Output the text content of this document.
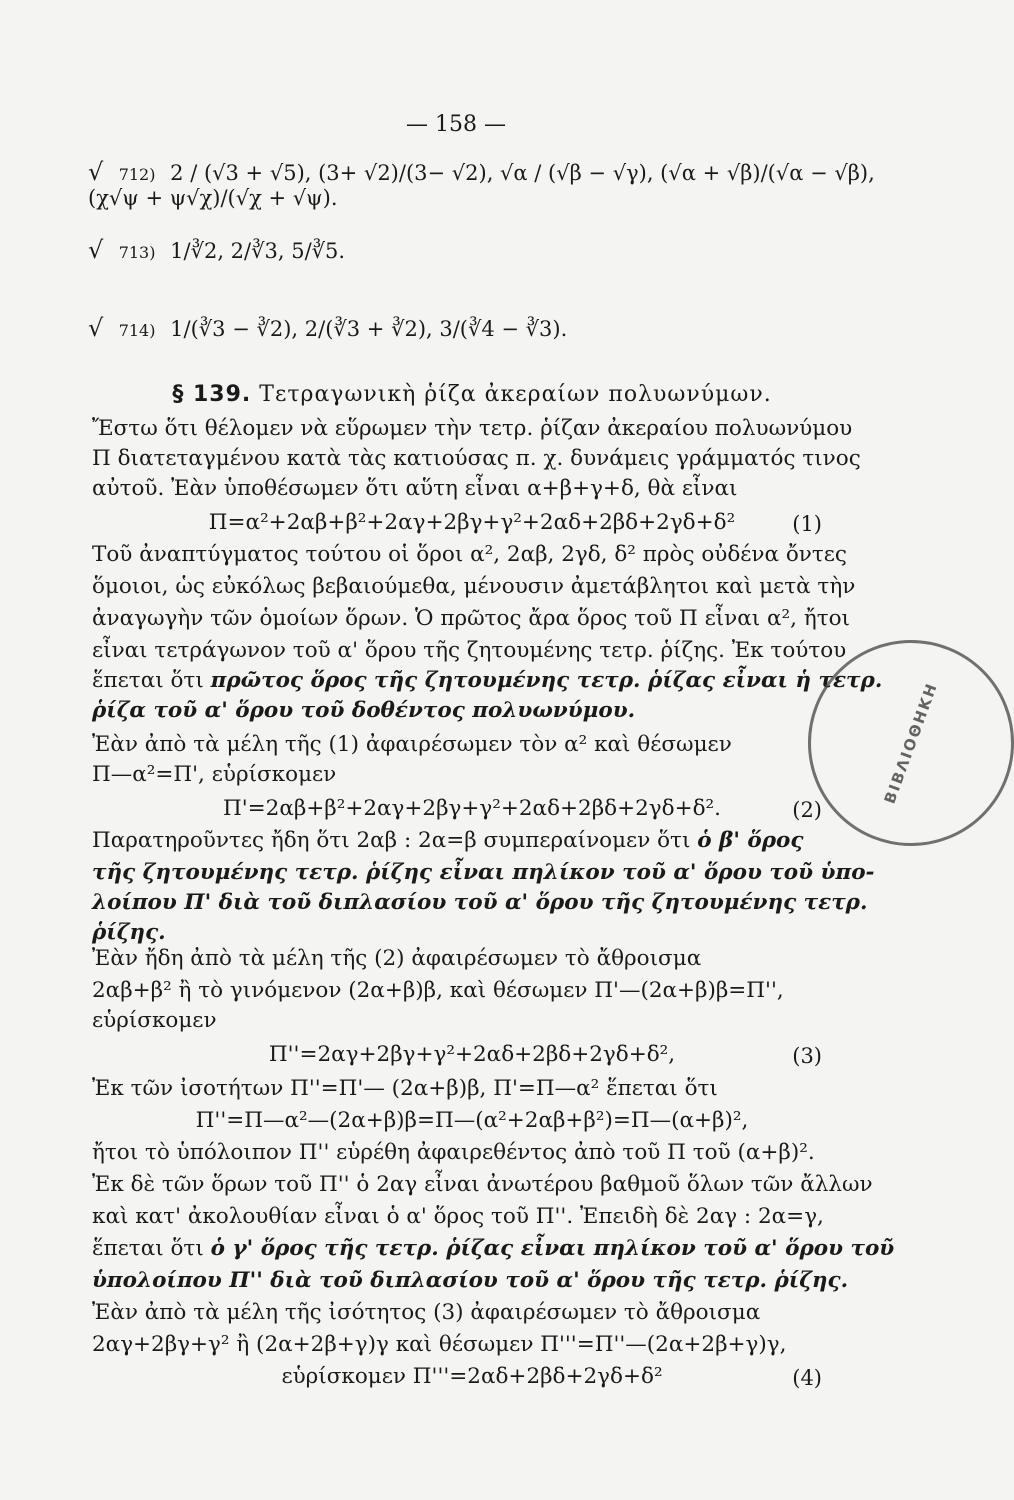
— 158 —
√ 712) 2 / (√3 + √5), (3+ √2)/(3− √2), √α / (√β − √γ), (√α + √β)/(√α − √β), (χ√ψ + ψ√χ)/(√χ + √ψ).
√ 713) 1/∛2, 2/∛3, 5/∛5.
√ 714) 1/(∛3 − ∛2), 2/(∛3 + ∛2), 3/(∛4 − ∛3).
§ 139. Τετραγωνικὴ ῥίζα ἀκεραίων πολυωνύμων.
Ἔστω ὅτι θέλομεν νὰ εὕρωμεν τὴν τετρ. ῥίζαν ἀκεραίου πολυωνύμου
Π διατεταγμένου κατὰ τὰς κατιούσας π. χ. δυνάμεις γράμματός τινος
αὐτοῦ. Ἐὰν ὑποθέσωμεν ὅτι αὕτη εἶναι α+β+γ+δ, θὰ εἶναι
Π=α²+2αβ+β²+2αγ+2βγ+γ²+2αδ+2βδ+2γδ+δ²	(1)
Τοῦ ἀναπτύγματος τούτου οἱ ὅροι α², 2αβ, 2γδ, δ² πρὸς οὐδένα ὄντες
ὅμοιοι, ὡς εὐκόλως βεβαιούμεθα, μένουσιν ἀμετάβλητοι καὶ μετὰ τὴν
ἀναγωγὴν τῶν ὁμοίων ὅρων. Ὁ πρῶτος ἄρα ὅρος τοῦ Π εἶναι α², ἤτοι
εἶναι τετράγωνον τοῦ α' ὅρου τῆς ζητουμένης τετρ. ῥίζης. Ἐκ τούτου
ἕπεται ὅτι πρῶτος ὅρος τῆς ζητουμένης τετρ. ῥίζας εἶναι ἡ τετρ.
ῥίζα τοῦ α' ὅρου τοῦ δοθέντος πολυωνύμου.
Ἐὰν ἀπὸ τὰ μέλη τῆς (1) ἀφαιρέσωμεν τὸν α² καὶ θέσωμεν
Π—α²=Π', εὑρίσκομεν
Π'=2αβ+β²+2αγ+2βγ+γ²+2αδ+2βδ+2γδ+δ².	(2)
Παρατηροῦντες ἤδη ὅτι 2αβ : 2α=β συμπεραίνομεν ὅτι ὁ β' ὅρος
τῆς ζητουμένης τετρ. ῥίζης εἶναι πηλίκον τοῦ α' ὅρου τοῦ ὑπο-
λοίπου Π' διὰ τοῦ διπλασίου τοῦ α' ὅρου τῆς ζητουμένης τετρ.
ῥίζης.
Ἐὰν ἤδη ἀπὸ τὰ μέλη τῆς (2) ἀφαιρέσωμεν τὸ ἄθροισμα
2αβ+β² ἢ τὸ γινόμενον (2α+β)β, καὶ θέσωμεν Π'—(2α+β)β=Π'',
εὑρίσκομεν
Π''=2αγ+2βγ+γ²+2αδ+2βδ+2γδ+δ²,	(3)
Ἐκ τῶν ἰσοτήτων Π''=Π'— (2α+β)β, Π'=Π—α² ἕπεται ὅτι
Π''=Π—α²—(2α+β)β=Π—(α²+2αβ+β²)=Π—(α+β)²,
ἤτοι τὸ ὑπόλοιπον Π'' εὑρέθη ἀφαιρεθέντος ἀπὸ τοῦ Π τοῦ (α+β)².
Ἐκ δὲ τῶν ὅρων τοῦ Π'' ὁ 2αγ εἶναι ἀνωτέρου βαθμοῦ ὅλων τῶν ἄλλων
καὶ κατ' ἀκολουθίαν εἶναι ὁ α' ὅρος τοῦ Π''. Ἐπειδὴ δὲ 2αγ : 2α=γ,
ἕπεται ὅτι ὁ γ' ὅρος τῆς τετρ. ῥίζας εἶναι πηλίκον τοῦ α' ὅρου τοῦ
ὑπολοίπου Π'' διὰ τοῦ διπλασίου τοῦ α' ὅρου τῆς τετρ. ῥίζης.
Ἐὰν ἀπὸ τὰ μέλη τῆς ἰσότητος (3) ἀφαιρέσωμεν τὸ ἄθροισμα
2αγ+2βγ+γ² ἢ (2α+2β+γ)γ καὶ θέσωμεν Π'''=Π''—(2α+2β+γ)γ,
εὑρίσκομεν Π'''=2αδ+2βδ+2γδ+δ²	(4)
ΒΙΒΛΙΟΘΗΚΗ
